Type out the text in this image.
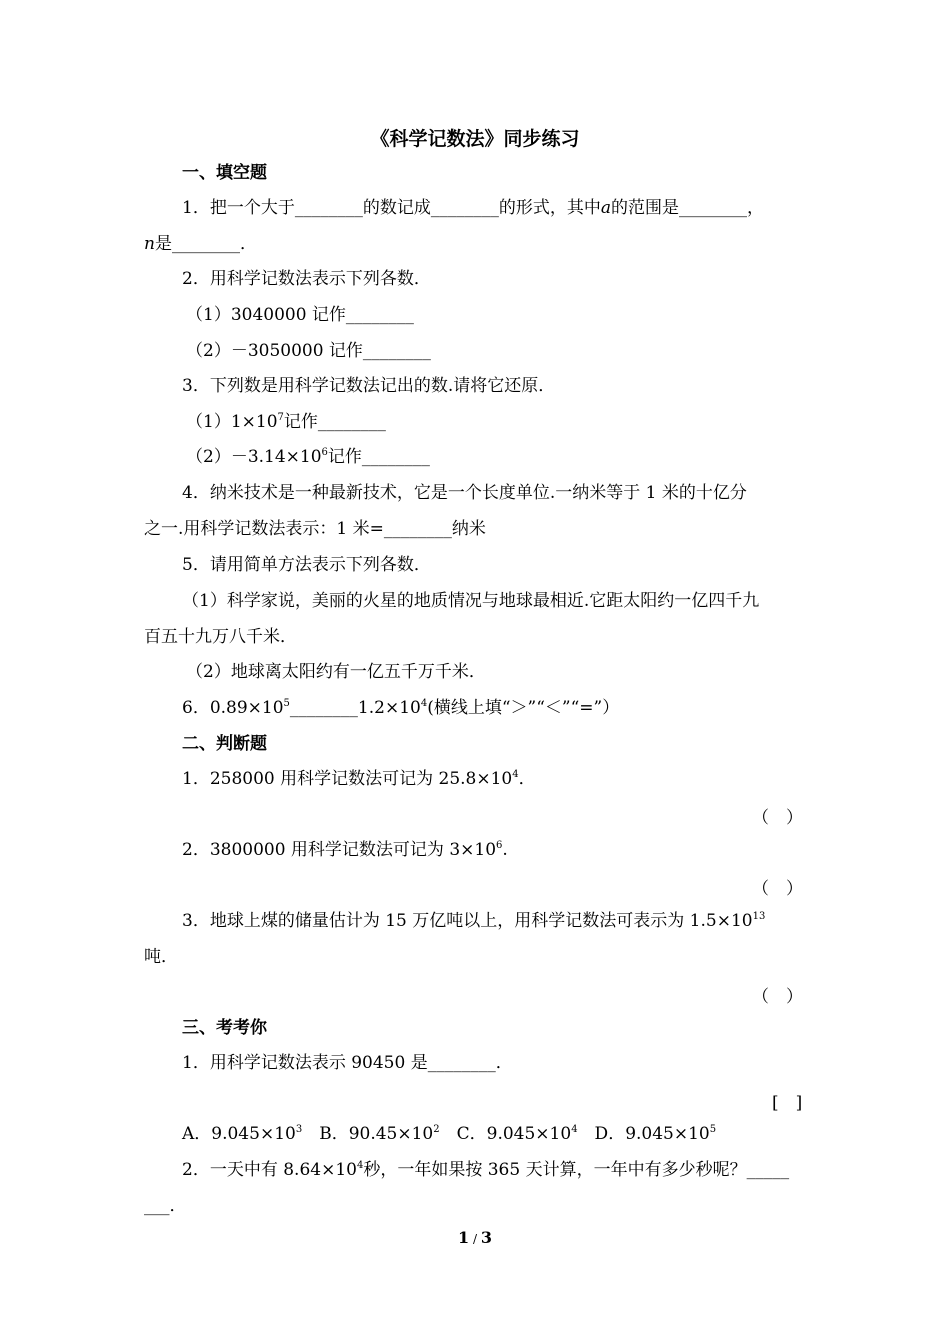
《科学记数法》同步练习
一、填空题
1．把一个大于________的数记成________的形式，其中a的范围是________，
n是________．
2．用科学记数法表示下列各数．
（1）3040000 记作________
（2）－3050000 记作________
3．下列数是用科学记数法记出的数.请将它还原．
$(1)1\times 10^7$记作________
$(2)-3.14\times 10^6$记作________
4．纳米技术是一种最新技术，它是一个长度单位.一纳米等于 1 米的十亿分
之一.用科学记数法表示：1 米=________纳米
5．请用简单方法表示下列各数．
（1）科学家说，美丽的火星的地质情况与地球最相近.它距太阳约一亿四千九
百五十九万八千米．
（2）地球离太阳约有一亿五千万千米．
6．$0.89\times 10^5\_\_\_\_\_\_\_\_1.2\times 10^4$(横线上填“＞”“＜”“=”）
二、判断题
1．258000 用科学记数法可记为 $25.8\times 10^4$．
（　）
2．3800000 用科学记数法可记为 $3\times 10^6$.
（　）
3．地球上煤的储量估计为 15 万亿吨以上，用科学记数法可表示为 $1.5\times 10^{13}$
吨．
（　）
三、考考你
1．用科学记数法表示 90450 是________．
[　]
A．$9.045\times 10^3$　B．$90.45\times 10^2$　C．$9.045\times 10^4$　D．$9.045\times 10^5$
2．一天中有 $8.64\times 10^4$秒，一年如果按 365 天计算，一年中有多少秒呢？_____
___．
1 / 3
